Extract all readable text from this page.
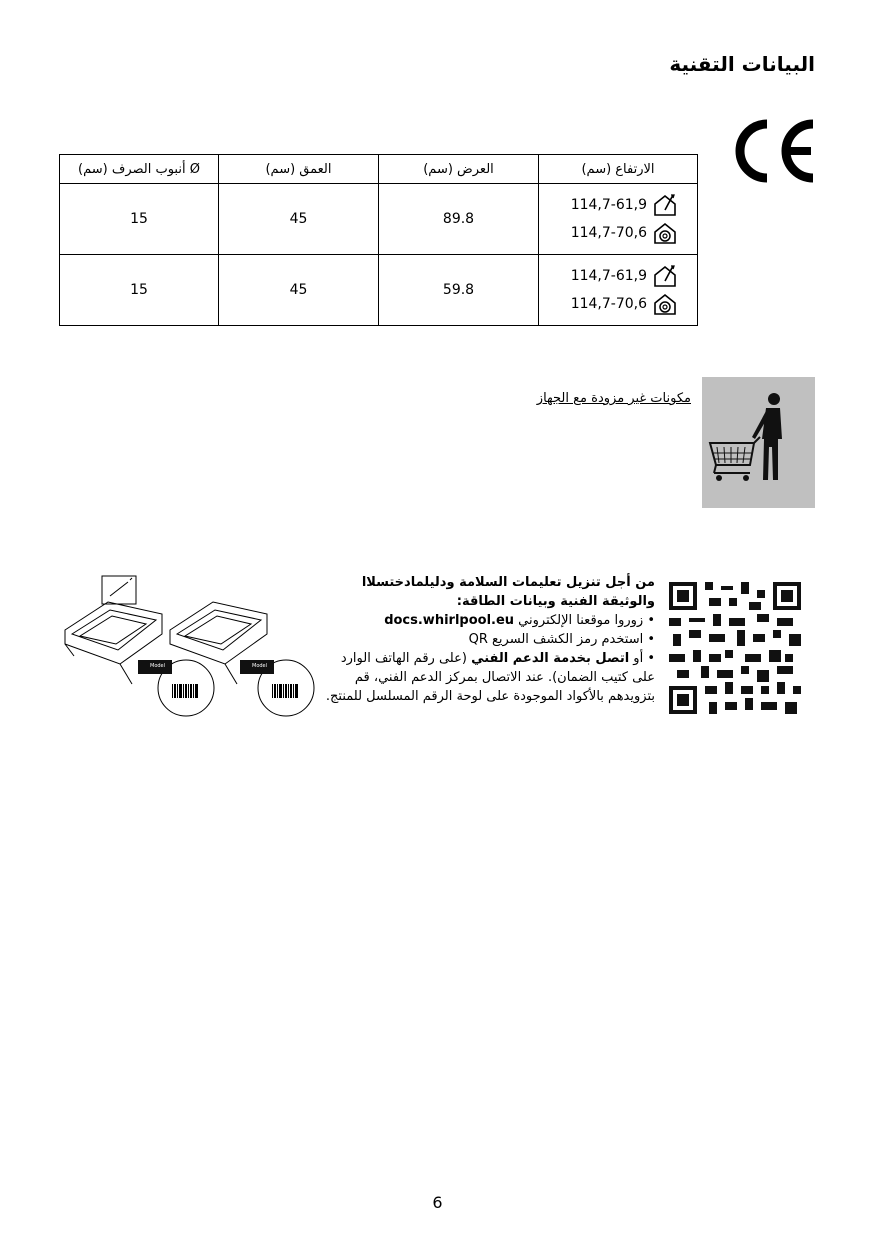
البيانات التقنية
الارتفاع (سم)	العرض (سم)	العمق (سم)	Ø أنبوب الصرف (سم)

114,7-61,9
114,7-70,6	89.8	45	15

114,7-61,9
114,7-70,6	59.8	45	15
مكونات غير مزودة مع الجهاز
من أجل تنزيل تعليمات السلامة ودليلمادختسلاا والوثيقة الفنية وبيانات الطاقة:
• زوروا موقعنا الإلكتروني docs.whirlpool.eu
• استخدم رمز الكشف السريع QR
• أو اتصل بخدمة الدعم الفني (على رقم الهاتف الوارد على كتيب الضمان). عند الاتصال بمركز الدعم الفني، قم بتزويدهم بالأكواد الموجودة على لوحة الرقم المسلسل للمنتج.
Model	Model
6
